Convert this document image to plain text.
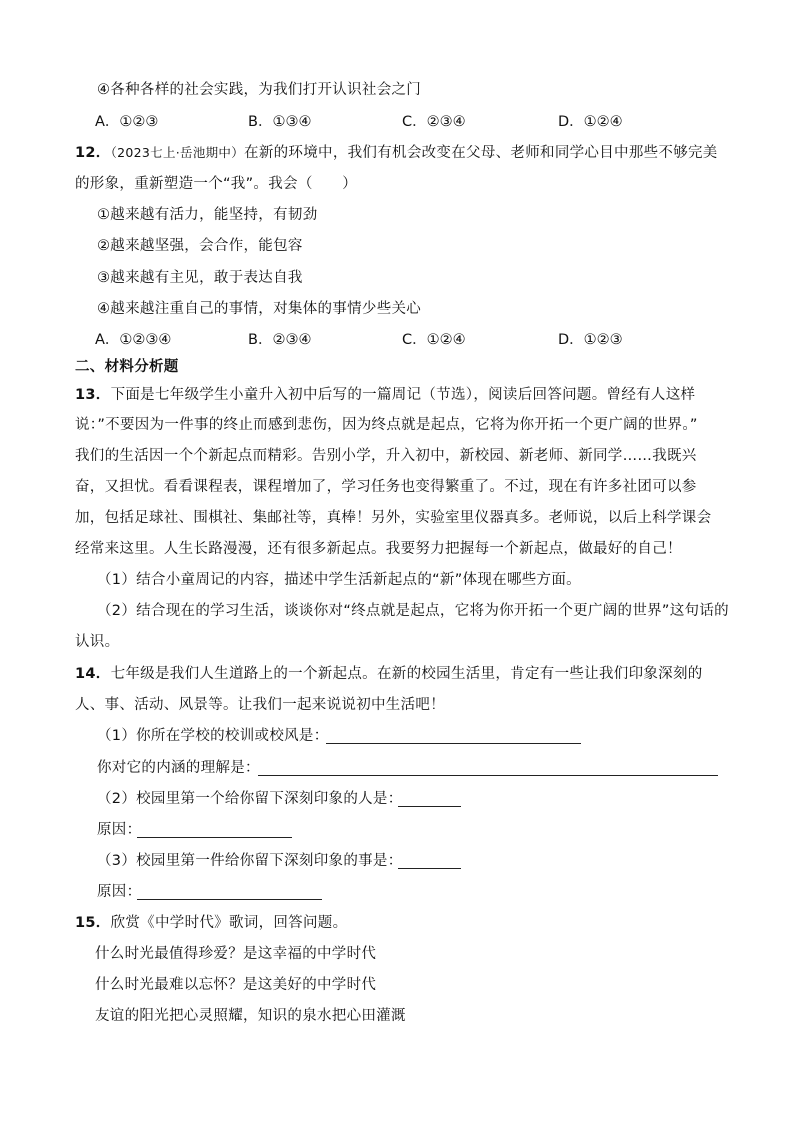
④各种各样的社会实践，为我们打开认识社会之门
A．①②③	B．①③④	C．②③④	D．①②④
12．（2023七上·岳池期中）在新的环境中，我们有机会改变在父母、老师和同学心目中那些不够完美
的形象，重新塑造一个“我”。我会（　　）
①越来越有活力，能坚持，有韧劲
②越来越坚强，会合作，能包容
③越来越有主见，敢于表达自我
④越来越注重自己的事情，对集体的事情少些关心
A．①②③④	B．②③④	C．①②④	D．①②③
二、材料分析题
13．下面是七年级学生小童升入初中后写的一篇周记（节选），阅读后回答问题。曾经有人这样
说：”不要因为一件事的终止而感到悲伤，因为终点就是起点，它将为你开拓一个更广阔的世界。”
我们的生活因一个个新起点而精彩。告别小学，升入初中，新校园、新老师、新同学……我既兴
奋，又担忧。看看课程表，课程增加了，学习任务也变得繁重了。不过，现在有许多社团可以参
加，包括足球社、围棋社、集邮社等，真棒！另外，实验室里仪器真多。老师说，以后上科学课会
经常来这里。人生长路漫漫，还有很多新起点。我要努力把握每一个新起点，做最好的自己！
（1）结合小童周记的内容，描述中学生活新起点的“新”体现在哪些方面。
（2）结合现在的学习生活，谈谈你对“终点就是起点，它将为你开拓一个更广阔的世界”这句话的
认识。
14．七年级是我们人生道路上的一个新起点。在新的校园生活里，肯定有一些让我们印象深刻的
人、事、活动、风景等。让我们一起来说说初中生活吧！
（1）你所在学校的校训或校风是：
你对它的内涵的理解是：
（2）校园里第一个给你留下深刻印象的人是：
原因：
（3）校园里第一件给你留下深刻印象的事是：
原因：
15．欣赏《中学时代》歌词，回答问题。
什么时光最值得珍爱？是这幸福的中学时代
什么时光最难以忘怀？是这美好的中学时代
友谊的阳光把心灵照耀，知识的泉水把心田灌溉
